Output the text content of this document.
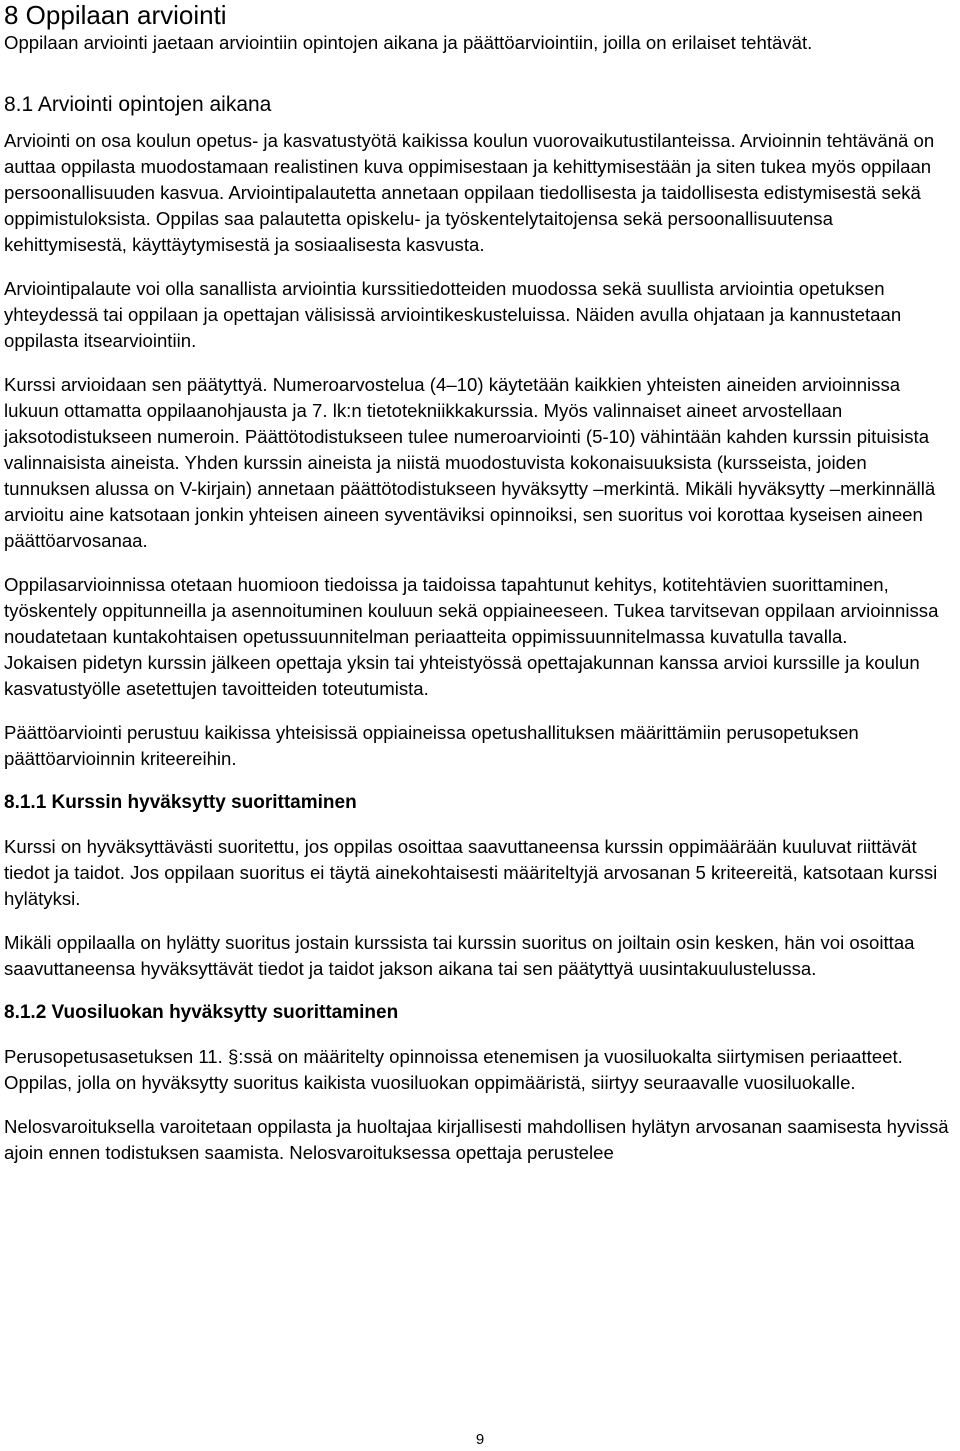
8 Oppilaan arviointi

Oppilaan arviointi jaetaan arviointiin opintojen aikana ja päättöarviointiin, joilla on erilaiset tehtävät.

8.1 Arviointi opintojen aikana

Arviointi on osa koulun opetus- ja kasvatustyötä kaikissa koulun vuorovaikutustilanteissa. Arvioinnin tehtävänä on auttaa oppilasta muodostamaan realistinen kuva oppimisestaan ja kehittymisestään ja siten tukea myös oppilaan persoonallisuuden kasvua. Arviointipalautetta annetaan oppilaan tiedollisesta ja taidollisesta edistymisestä sekä oppimistuloksista. Oppilas saa palautetta opiskelu- ja työskentelytaitojensa sekä persoonallisuutensa kehittymisestä, käyttäytymisestä ja sosiaalisesta kasvusta.

Arviointipalaute voi olla sanallista arviointia kurssitiedotteiden muodossa sekä suullista arviointia opetuksen yhteydessä tai oppilaan ja opettajan välisissä arviointikeskusteluissa. Näiden avulla ohjataan ja kannustetaan oppilasta itsearviointiin.

Kurssi arvioidaan sen päätyttyä. Numeroarvostelua (4–10) käytetään kaikkien yhteisten aineiden arvioinnissa lukuun ottamatta oppilaanohjausta ja 7. lk:n tietotekniikkakurssia. Myös valinnaiset aineet arvostellaan jaksotodistukseen numeroin. Päättötodistukseen tulee numeroarviointi (5-10) vähintään kahden kurssin pituisista valinnaisista aineista. Yhden kurssin aineista ja niistä muodostuvista kokonaisuuksista (kursseista, joiden tunnuksen alussa on V-kirjain) annetaan päättötodistukseen hyväksytty –merkintä. Mikäli hyväksytty –merkinnällä arvioitu aine katsotaan jonkin yhteisen aineen syventäviksi opinnoiksi, sen suoritus voi korottaa kyseisen aineen päättöarvosanaa.

Oppilasarvioinnissa otetaan huomioon tiedoissa ja taidoissa tapahtunut kehitys, kotitehtävien suorittaminen, työskentely oppitunneilla ja asennoituminen kouluun sekä oppiaineeseen. Tukea tarvitsevan oppilaan arvioinnissa noudatetaan kuntakohtaisen opetussuunnitelman periaatteita oppimissuunnitelmassa kuvatulla tavalla.

Jokaisen pidetyn kurssin jälkeen opettaja yksin tai yhteistyössä opettajakunnan kanssa arvioi kurssille ja koulun kasvatustyölle asetettujen tavoitteiden toteutumista.

Päättöarviointi perustuu kaikissa yhteisissä oppiaineissa opetushallituksen määrittämiin perusopetuksen päättöarvioinnin kriteereihin.

8.1.1 Kurssin hyväksytty suorittaminen

Kurssi on hyväksyttävästi suoritettu, jos oppilas osoittaa saavuttaneensa kurssin oppimäärään kuuluvat riittävät tiedot ja taidot. Jos oppilaan suoritus ei täytä ainekohtaisesti määriteltyjä arvosanan 5 kriteereitä, katsotaan kurssi hylätyksi.

Mikäli oppilaalla on hylätty suoritus jostain kurssista tai kurssin suoritus on joiltain osin kesken, hän voi osoittaa saavuttaneensa hyväksyttävät tiedot ja taidot jakson aikana tai sen päätyttyä uusintakuulustelussa.

8.1.2 Vuosiluokan hyväksytty suorittaminen

Perusopetusasetuksen 11. §:ssä on määritelty opinnoissa etenemisen ja vuosiluokalta siirtymisen periaatteet. Oppilas, jolla on hyväksytty suoritus kaikista vuosiluokan oppimääristä, siirtyy seuraavalle vuosiluokalle.

Nelosvaroituksella varoitetaan oppilasta ja huoltajaa kirjallisesti mahdollisen hylätyn arvosanan saamisesta hyvissä ajoin ennen todistuksen saamista. Nelosvaroituksessa opettaja perustelee

9
